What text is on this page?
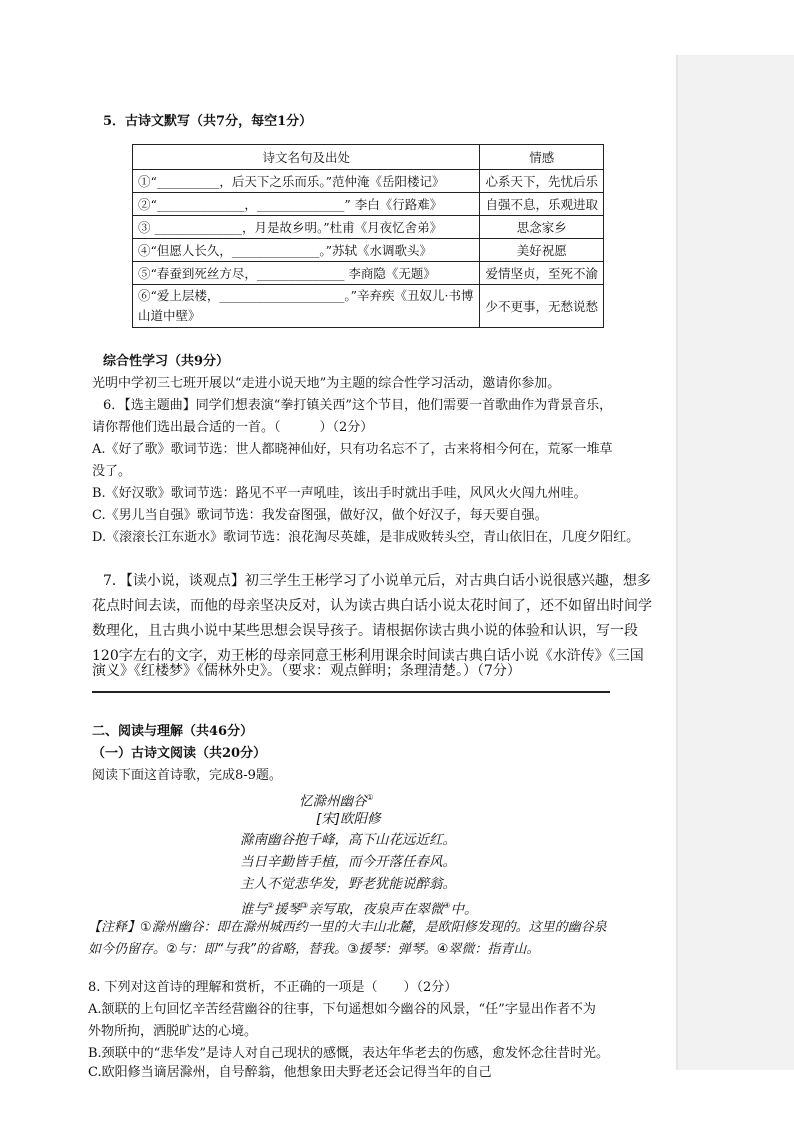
5．古诗文默写（共7分，每空1分）
诗文名句及出处	情感
①“__________，后天下之乐而乐。”范仲淹《岳阳楼记》	心系天下，先忧后乐
②“______________，______________” 李白《行路难》	自强不息，乐观进取
③ ______________，月是故乡明。”杜甫《月夜忆舍弟》	思念家乡
④“但愿人长久，______________。”苏轼《水调歌头》	美好祝愿
⑤“春蚕到死丝方尽，______________ 李商隐《无题》	爱情坚贞，至死不渝
⑥“爱上层楼，____________________。”辛弃疾《丑奴儿·书博山道中壁》	少不更事，无愁说愁
综合性学习（共9分）
光明中学初三七班开展以“走进小说天地”为主题的综合性学习活动，邀请你参加。
6．【选主题曲】同学们想表演“拳打镇关西”这个节目，他们需要一首歌曲作为背景音乐，
请你帮他们选出最合适的一首。（　　　）（2分）
A.《好了歌》歌词节选：世人都晓神仙好，只有功名忘不了，古来将相今何在，荒冢一堆草
没了。
B.《好汉歌》歌词节选：路见不平一声吼哇，该出手时就出手哇，风风火火闯九州哇。
C.《男儿当自强》歌词节选：我发奋图强，做好汉，做个好汉子，每天要自强。
D.《滚滚长江东逝水》歌词节选：浪花淘尽英雄，是非成败转头空，青山依旧在，几度夕阳红。
7．【读小说，谈观点】初三学生王彬学习了小说单元后，对古典白话小说很感兴趣，想多
花点时间去读，而他的母亲坚决反对，认为读古典白话小说太花时间了，还不如留出时间学
数理化，且古典小说中某些思想会误导孩子。请根据你读古典小说的体验和认识，写一段
120字左右的文字，劝王彬的母亲同意王彬利用课余时间读古典白话小说《水浒传》《三国
演义》《红楼梦》《儒林外史》。（要求：观点鲜明；条理清楚。）（7分）
二、阅读与理解（共46分）
（一）古诗文阅读（共20分）
阅读下面这首诗歌，完成8-9题。
忆滁州幽谷①
[宋]欧阳修
滁南幽谷抱千峰，高下山花远近红。
当日辛勤皆手植，而今开落任春风。
主人不觉悲华发，野老犹能说醉翁。
谁与②援琴③亲写取，夜泉声在翠微④中。
【注释】①滁州幽谷：即在滁州城西约一里的大丰山北麓，是欧阳修发现的。这里的幽谷泉
如今仍留存。②与：即“与我”的省略，替我。③援琴：弹琴。④翠微：指青山。
8. 下列对这首诗的理解和赏析，不正确的一项是（　　）（2分）
A.颔联的上句回忆辛苦经营幽谷的往事，下句遥想如今幽谷的风景，“任”字显出作者不为
外物所拘，洒脱旷达的心境。
B.颈联中的“悲华发”是诗人对自己现状的感慨，表达年华老去的伤感，愈发怀念往昔时光。
C.欧阳修当谪居滁州，自号醉翁，他想象田夫野老还会记得当年的自己
